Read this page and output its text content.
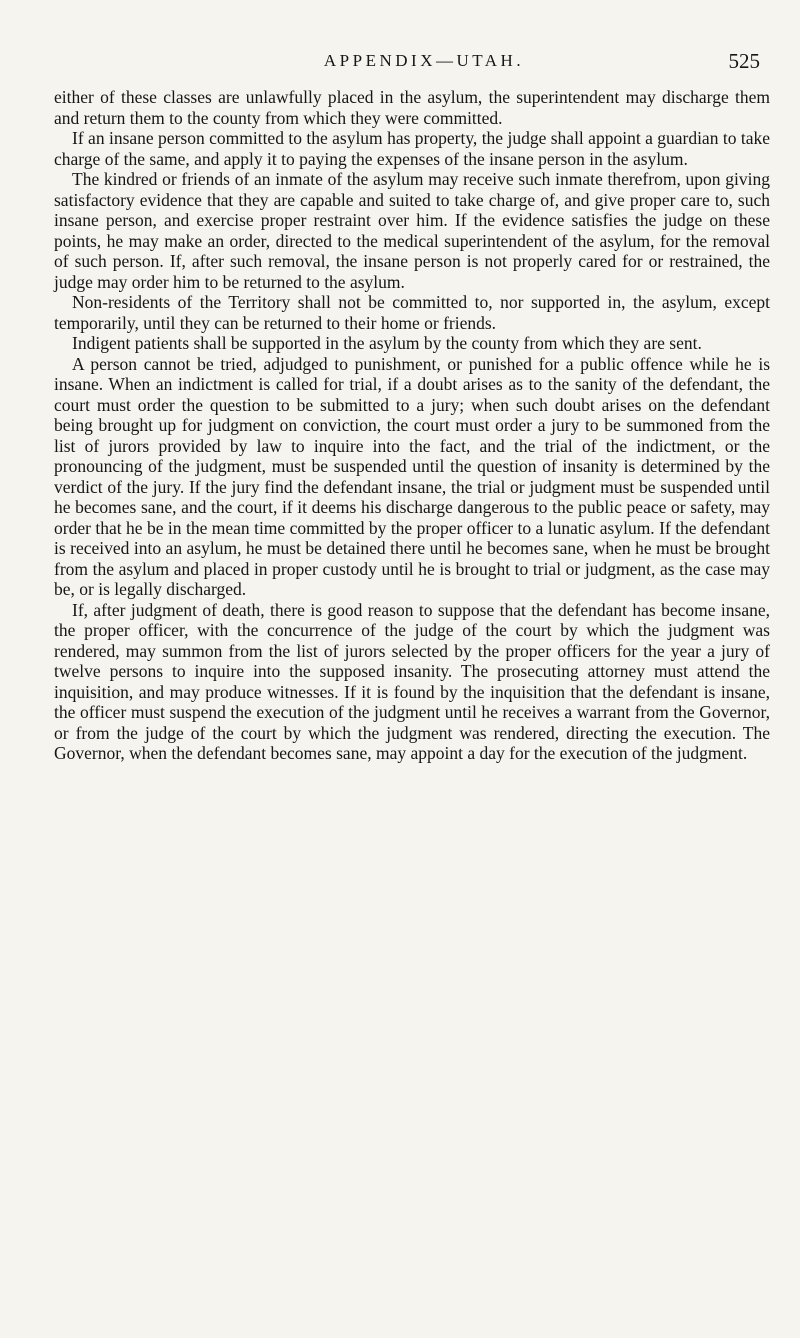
APPENDIX—UTAH.	525

either of these classes are unlawfully placed in the asylum, the superintendent may discharge them and return them to the county from which they were committed.

If an insane person committed to the asylum has property, the judge shall appoint a guardian to take charge of the same, and apply it to paying the expenses of the insane person in the asylum.

The kindred or friends of an inmate of the asylum may receive such inmate therefrom, upon giving satisfactory evidence that they are capable and suited to take charge of, and give proper care to, such insane person, and exercise proper restraint over him. If the evidence satisfies the judge on these points, he may make an order, directed to the medical superintendent of the asylum, for the removal of such person. If, after such removal, the insane person is not properly cared for or restrained, the judge may order him to be returned to the asylum.

Non-residents of the Territory shall not be committed to, nor supported in, the asylum, except temporarily, until they can be returned to their home or friends.

Indigent patients shall be supported in the asylum by the county from which they are sent.

A person cannot be tried, adjudged to punishment, or punished for a public offence while he is insane. When an indictment is called for trial, if a doubt arises as to the sanity of the defendant, the court must order the question to be submitted to a jury; when such doubt arises on the defendant being brought up for judgment on conviction, the court must order a jury to be summoned from the list of jurors provided by law to inquire into the fact, and the trial of the indictment, or the pronouncing of the judgment, must be suspended until the question of insanity is determined by the verdict of the jury. If the jury find the defendant insane, the trial or judgment must be suspended until he becomes sane, and the court, if it deems his discharge dangerous to the public peace or safety, may order that he be in the mean time committed by the proper officer to a lunatic asylum. If the defendant is received into an asylum, he must be detained there until he becomes sane, when he must be brought from the asylum and placed in proper custody until he is brought to trial or judgment, as the case may be, or is legally discharged.

If, after judgment of death, there is good reason to suppose that the defendant has become insane, the proper officer, with the concurrence of the judge of the court by which the judgment was rendered, may summon from the list of jurors selected by the proper officers for the year a jury of twelve persons to inquire into the supposed insanity. The prosecuting attorney must attend the inquisition, and may produce witnesses. If it is found by the inquisition that the defendant is insane, the officer must suspend the execution of the judgment until he receives a warrant from the Governor, or from the judge of the court by which the judgment was rendered, directing the execution. The Governor, when the defendant becomes sane, may appoint a day for the execution of the judgment.
